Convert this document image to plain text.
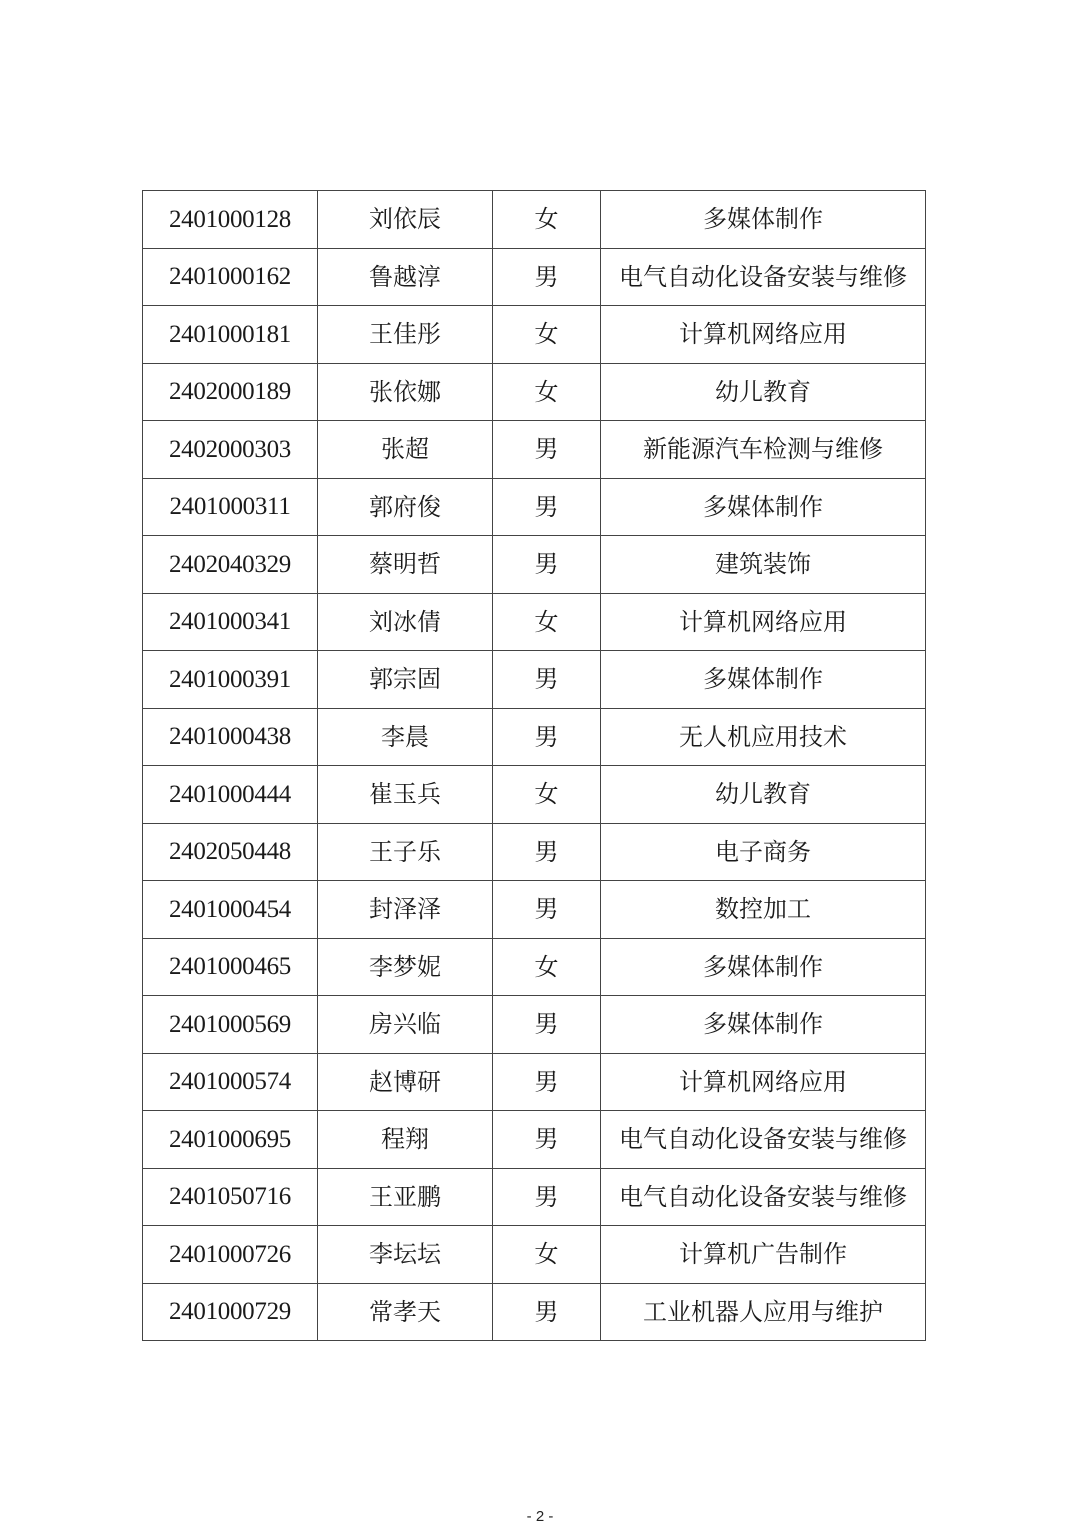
2401000128	刘依辰	女	多媒体制作
2401000162	鲁越淳	男	电气自动化设备安装与维修
2401000181	王佳彤	女	计算机网络应用
2402000189	张依娜	女	幼儿教育
2402000303	张超	男	新能源汽车检测与维修
2401000311	郭府俊	男	多媒体制作
2402040329	蔡明哲	男	建筑装饰
2401000341	刘冰倩	女	计算机网络应用
2401000391	郭宗固	男	多媒体制作
2401000438	李晨	男	无人机应用技术
2401000444	崔玉兵	女	幼儿教育
2402050448	王子乐	男	电子商务
2401000454	封泽泽	男	数控加工
2401000465	李梦妮	女	多媒体制作
2401000569	房兴临	男	多媒体制作
2401000574	赵博研	男	计算机网络应用
2401000695	程翔	男	电气自动化设备安装与维修
2401050716	王亚鹏	男	电气自动化设备安装与维修
2401000726	李坛坛	女	计算机广告制作
2401000729	常孝天	男	工业机器人应用与维护
- 2 -
